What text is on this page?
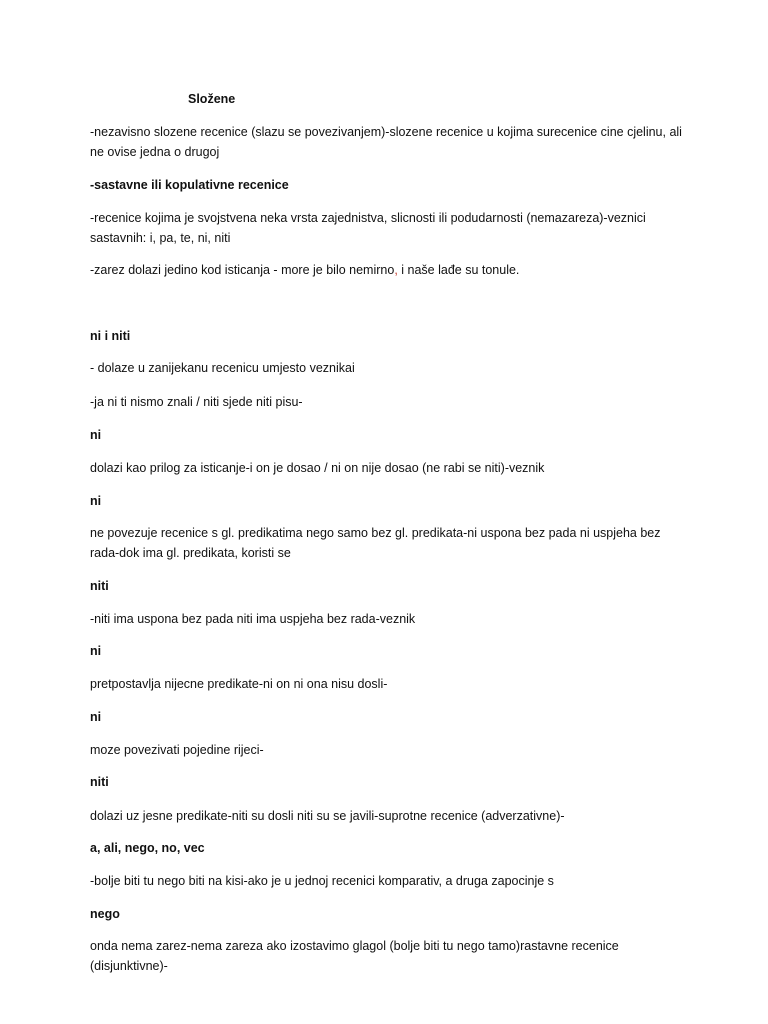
Složene
-nezavisno slozene recenice (slazu se povezivanjem)-slozene recenice u kojima surecenice cine cjelinu, ali ne ovise jedna o drugoj
-sastavne ili kopulativne recenice
-recenice kojima je svojstvena neka vrsta zajednistva, slicnosti ili podudarnosti (nemazareza)-veznici sastavnih: i, pa, te, ni, niti
-zarez dolazi jedino kod isticanja - more je bilo nemirno, i naše lađe su tonule.
ni i niti
- dolaze u zanijekanu recenicu umjesto veznikai
-ja ni ti nismo znali / niti sjede niti pisu-
ni
dolazi kao prilog za isticanje-i on je dosao / ni on nije dosao (ne rabi se niti)-veznik
ni
ne povezuje recenice s gl. predikatima nego samo bez gl. predikata-ni uspona bez pada ni uspjeha bez rada-dok ima gl. predikata, koristi se
niti
-niti ima uspona bez pada niti ima uspjeha bez rada-veznik
ni
pretpostavlja nijecne predikate-ni on ni ona nisu dosli-
ni
moze povezivati pojedine rijeci-
niti
dolazi uz jesne predikate-niti su dosli niti su se javili-suprotne recenice (adverzativne)-
a, ali, nego, no, vec
-bolje biti tu nego biti na kisi-ako je u jednoj recenici komparativ, a druga zapocinje s
nego
onda nema zarez-nema zareza ako izostavimo glagol (bolje biti tu nego tamo)rastavne recenice (disjunktivne)-
